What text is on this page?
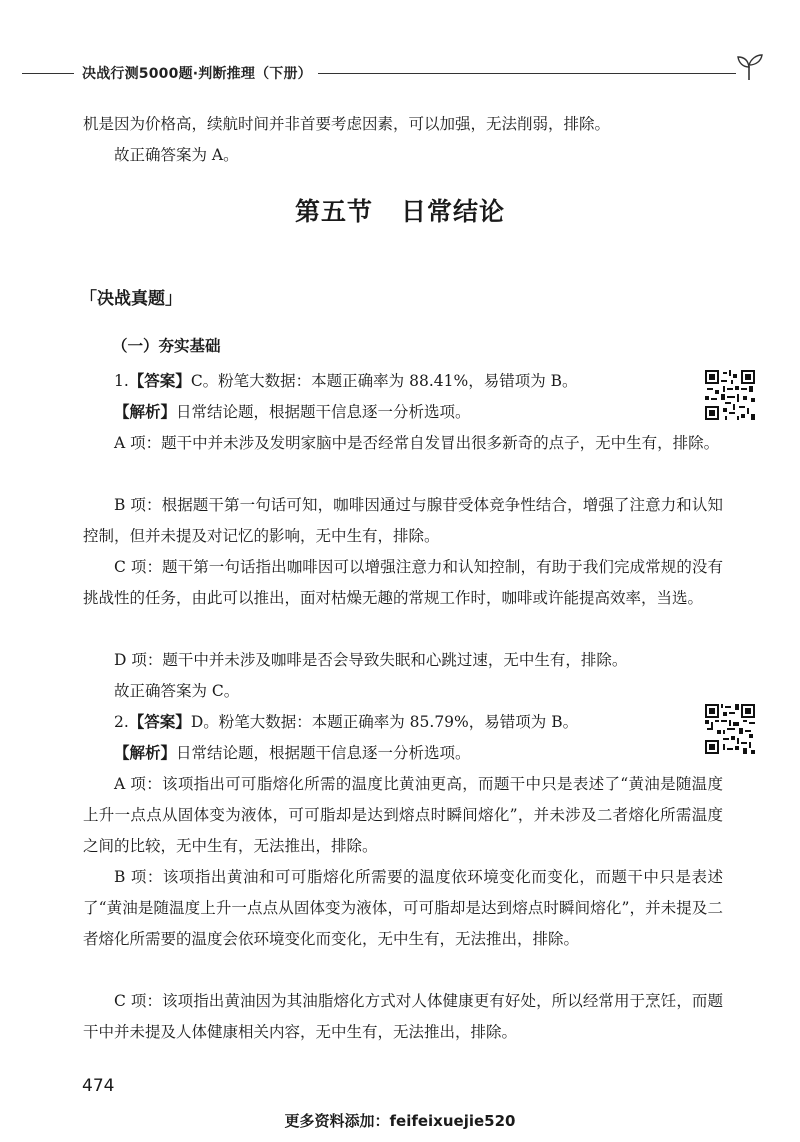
决战行测5000题·判断推理（下册）
机是因为价格高，续航时间并非首要考虑因素，可以加强，无法削弱，排除。
故正确答案为 A。
第五节 日常结论
「决战真题」
（一）夯实基础
1.【答案】C。粉笔大数据：本题正确率为 88.41%，易错项为 B。
【解析】日常结论题，根据题干信息逐一分析选项。
A 项：题干中并未涉及发明家脑中是否经常自发冒出很多新奇的点子，无中生有，排除。
B 项：根据题干第一句话可知，咖啡因通过与腺苷受体竞争性结合，增强了注意力和认知控制，但并未提及对记忆的影响，无中生有，排除。
C 项：题干第一句话指出咖啡因可以增强注意力和认知控制，有助于我们完成常规的没有挑战性的任务，由此可以推出，面对枯燥无趣的常规工作时，咖啡或许能提高效率，当选。
D 项：题干中并未涉及咖啡是否会导致失眠和心跳过速，无中生有，排除。
故正确答案为 C。
2.【答案】D。粉笔大数据：本题正确率为 85.79%，易错项为 B。
【解析】日常结论题，根据题干信息逐一分析选项。
A 项：该项指出可可脂熔化所需的温度比黄油更高，而题干中只是表述了“黄油是随温度上升一点点从固体变为液体，可可脂却是达到熔点时瞬间熔化”，并未涉及二者熔化所需温度之间的比较，无中生有，无法推出，排除。
B 项：该项指出黄油和可可脂熔化所需要的温度依环境变化而变化，而题干中只是表述了“黄油是随温度上升一点点从固体变为液体，可可脂却是达到熔点时瞬间熔化”，并未提及二者熔化所需要的温度会依环境变化而变化，无中生有，无法推出，排除。
C 项：该项指出黄油因为其油脂熔化方式对人体健康更有好处，所以经常用于烹饪，而题干中并未提及人体健康相关内容，无中生有，无法推出，排除。
474
更多资料添加：feifeixuejie520
